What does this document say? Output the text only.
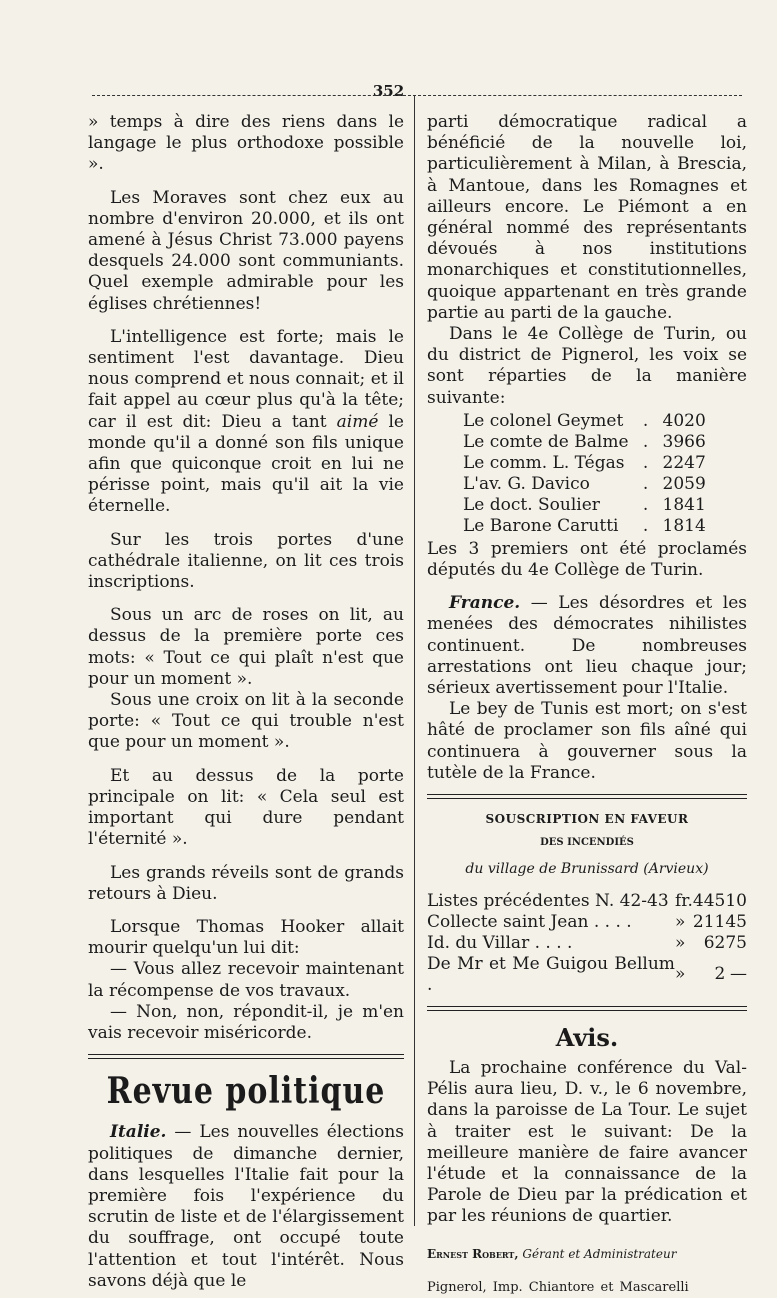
352

» temps à dire des riens dans le langage le plus orthodoxe possible ».

Les Moraves sont chez eux au nombre d'environ 20.000, et ils ont amené à Jésus Christ 73.000 payens desquels 24.000 sont communiants. Quel exemple admirable pour les églises chrétiennes!

L'intelligence est forte; mais le sentiment l'est davantage. Dieu nous comprend et nous connait; et il fait appel au cœur plus qu'à la tête; car il est dit: Dieu a tant aimé le monde qu'il a donné son fils unique afin que quiconque croit en lui ne périsse point, mais qu'il ait la vie éternelle.

Sur les trois portes d'une cathédrale italienne, on lit ces trois inscriptions.

Sous un arc de roses on lit, au dessus de la première porte ces mots: « Tout ce qui plaît n'est que pour un moment ».

Sous une croix on lit à la seconde porte: « Tout ce qui trouble n'est que pour un moment ».

Et au dessus de la porte principale on lit: « Cela seul est important qui dure pendant l'éternité ».

Les grands réveils sont de grands retours à Dieu.

Lorsque Thomas Hooker allait mourir quelqu'un lui dit:

— Vous allez recevoir maintenant la récompense de vos travaux.

— Non, non, répondit-il, je m'en vais recevoir miséricorde.

Revue politique

Italie. — Les nouvelles élections politiques de dimanche dernier, dans lesquelles l'Italie fait pour la première fois l'expérience du scrutin de liste et de l'élargissement du souffrage, ont occupé toute l'attention et tout l'intérêt. Nous savons déjà que le

parti démocratique radical a bénéficié de la nouvelle loi, particulièrement à Milan, à Brescia, à Mantoue, dans les Romagnes et ailleurs encore. Le Piémont a en général nommé des représentants dévoués à nos institutions monarchiques et constitutionnelles, quoique appartenant en très grande partie au parti de la gauche.

Dans le 4e Collège de Turin, ou du district de Pignerol, les voix se sont réparties de la manière suivante:

Le colonel Geymet	.	4020
Le comte de Balme	.	3966
Le comm. L. Tégas	.	2247
L'av. G. Davico	.	2059
Le doct. Soulier	.	1841
Le Barone Carutti	.	1814

Les 3 premiers ont été proclamés députés du 4e Collège de Turin.

France. — Les désordres et les menées des démocrates nihilistes continuent. De nombreuses arrestations ont lieu chaque jour; sérieux avertissement pour l'Italie.

Le bey de Tunis est mort; on s'est hâté de proclamer son fils aîné qui continuera à gouverner sous la tutèle de la France.

SOUSCRIPTION EN FAVEUR
DES INCENDIÉS
du village de Brunissard (Arvieux)
Listes précédentes N. 42-43	fr.	445	10
Collecte saint Jean . . . .	»	211	45
Id. du Villar . . . .	»	62	75
De Mr et Me Guigou Bellum .	»	2	—
Avis.

La prochaine conférence du Val-Pélis aura lieu, D. v., le 6 novembre, dans la paroisse de La Tour. Le sujet à traiter est le suivant: De la meilleure manière de faire avancer l'étude et la connaissance de la Parole de Dieu par la prédication et par les réunions de quartier.

Ernest Robert, Gérant et Administrateur
Pignerol, Imp. Chiantore et Mascarelli
